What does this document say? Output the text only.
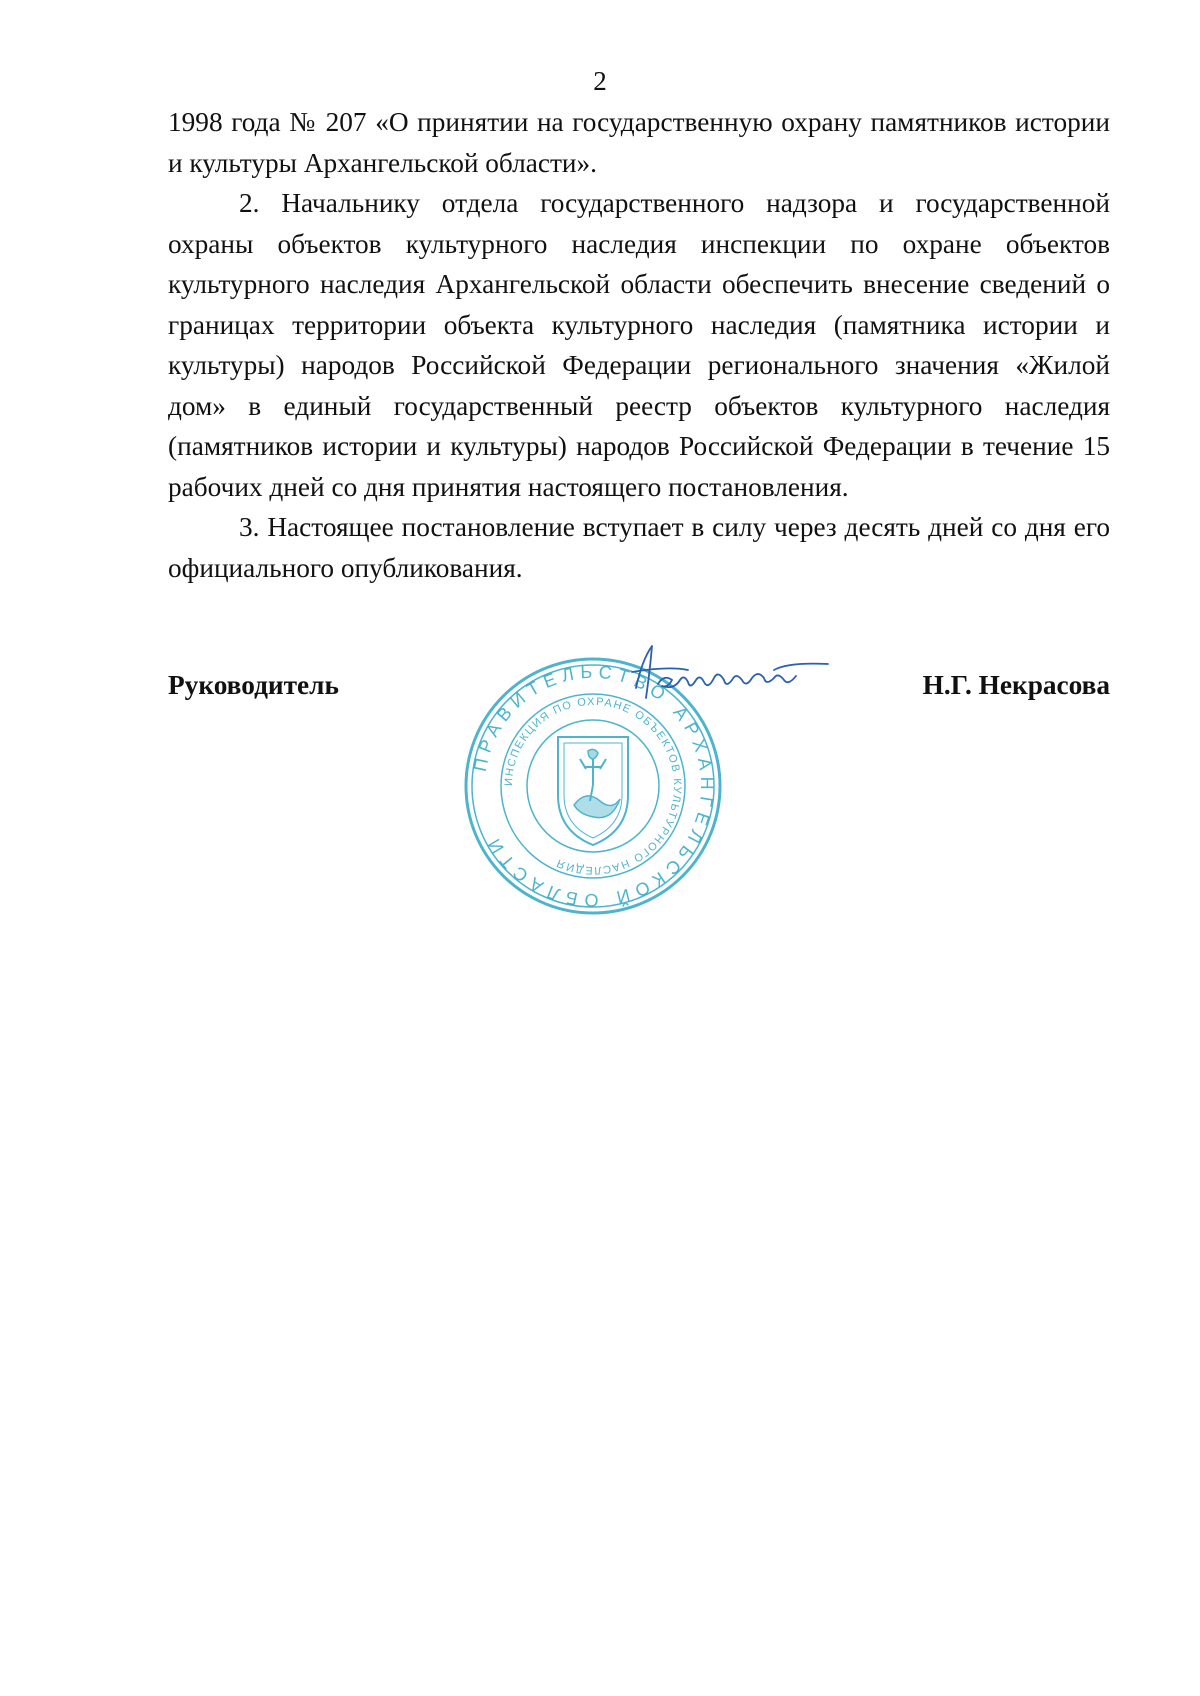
2

1998 года № 207 «О принятии на государственную охрану памятников истории и культуры Архангельской области».

2. Начальнику отдела государственного надзора и государственной охраны объектов культурного наследия инспекции по охране объектов культурного наследия Архангельской области обеспечить внесение сведений о границах территории объекта культурного наследия (памятника истории и культуры) народов Российской Федерации регионального значения «Жилой дом» в единый государственный реестр объектов культурного наследия (памятников истории и культуры) народов Российской Федерации в течение 15 рабочих дней со дня принятия настоящего постановления.

3. Настоящее постановление вступает в силу через десять дней со дня его официального опубликования.

ПРАВИТЕЛЬСТВО АРХАНГЕЛЬСКОЙ ОБЛАСТИ
ИНСПЕКЦИЯ ПО ОХРАНЕ ОБЪЕКТОВ КУЛЬТУРНОГО НАСЛЕДИЯ
Руководитель	Н.Г. Некрасова
